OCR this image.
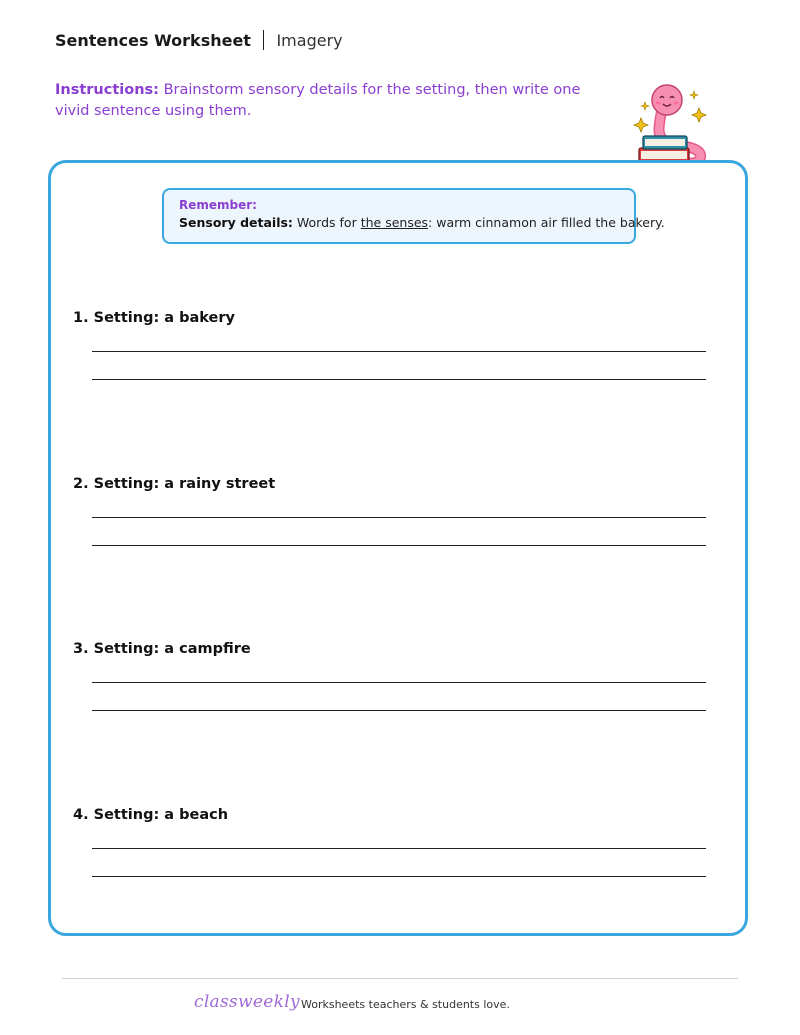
Sentences Worksheet Imagery
Instructions: Brainstorm sensory details for the setting, then write one vivid sentence using them.
Remember:
Sensory details: Words for the senses: warm cinnamon air filled the bakery.
1. Setting: a bakery
2. Setting: a rainy street
3. Setting: a campfire
4. Setting: a beach
classweekly Worksheets teachers & students love.
